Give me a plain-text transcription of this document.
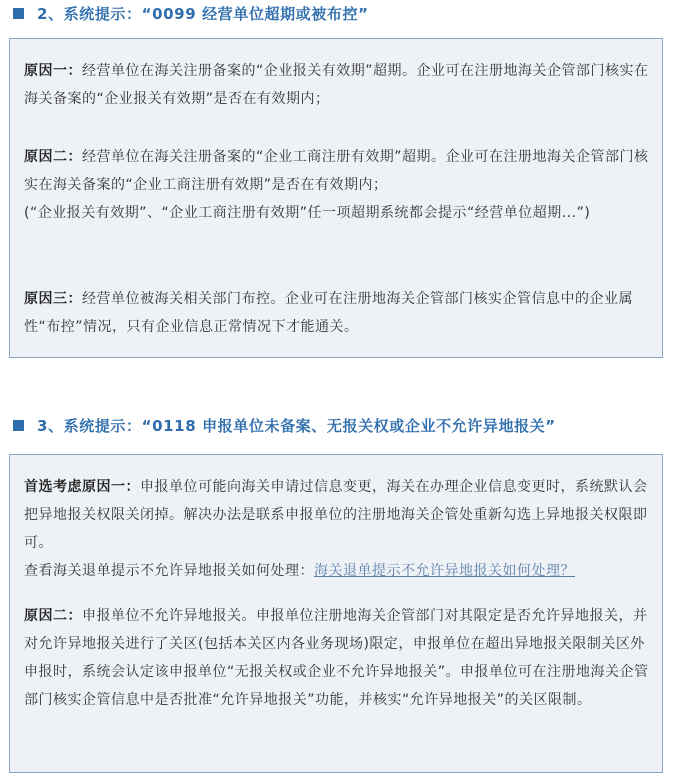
2、系统提示：“0099 经营单位超期或被布控”

原因一：经营单位在海关注册备案的“企业报关有效期”超期。企业可在注册地海关企管部门核实在海关备案的“企业报关有效期”是否在有效期内；

原因二：经营单位在海关注册备案的“企业工商注册有效期”超期。企业可在注册地海关企管部门核实在海关备案的“企业工商注册有效期”是否在有效期内；
(“企业报关有效期”、“企业工商注册有效期”任一项超期系统都会提示“经营单位超期...”)

原因三：经营单位被海关相关部门布控。企业可在注册地海关企管部门核实企管信息中的企业属性“布控”情况，只有企业信息正常情况下才能通关。

3、系统提示：“0118 申报单位未备案、无报关权或企业不允许异地报关”

首选考虑原因一：申报单位可能向海关申请过信息变更，海关在办理企业信息变更时，系统默认会把异地报关权限关闭掉。解决办法是联系申报单位的注册地海关企管处重新勾选上异地报关权限即可。
查看海关退单提示不允许异地报关如何处理：海关退单提示不允许异地报关如何处理？

原因二：申报单位不允许异地报关。申报单位注册地海关企管部门对其限定是否允许异地报关，并对允许异地报关进行了关区(包括本关区内各业务现场)限定，申报单位在超出异地报关限制关区外申报时，系统会认定该申报单位“无报关权或企业不允许异地报关”。申报单位可在注册地海关企管部门核实企管信息中是否批准“允许异地报关”功能，并核实“允许异地报关”的关区限制。
